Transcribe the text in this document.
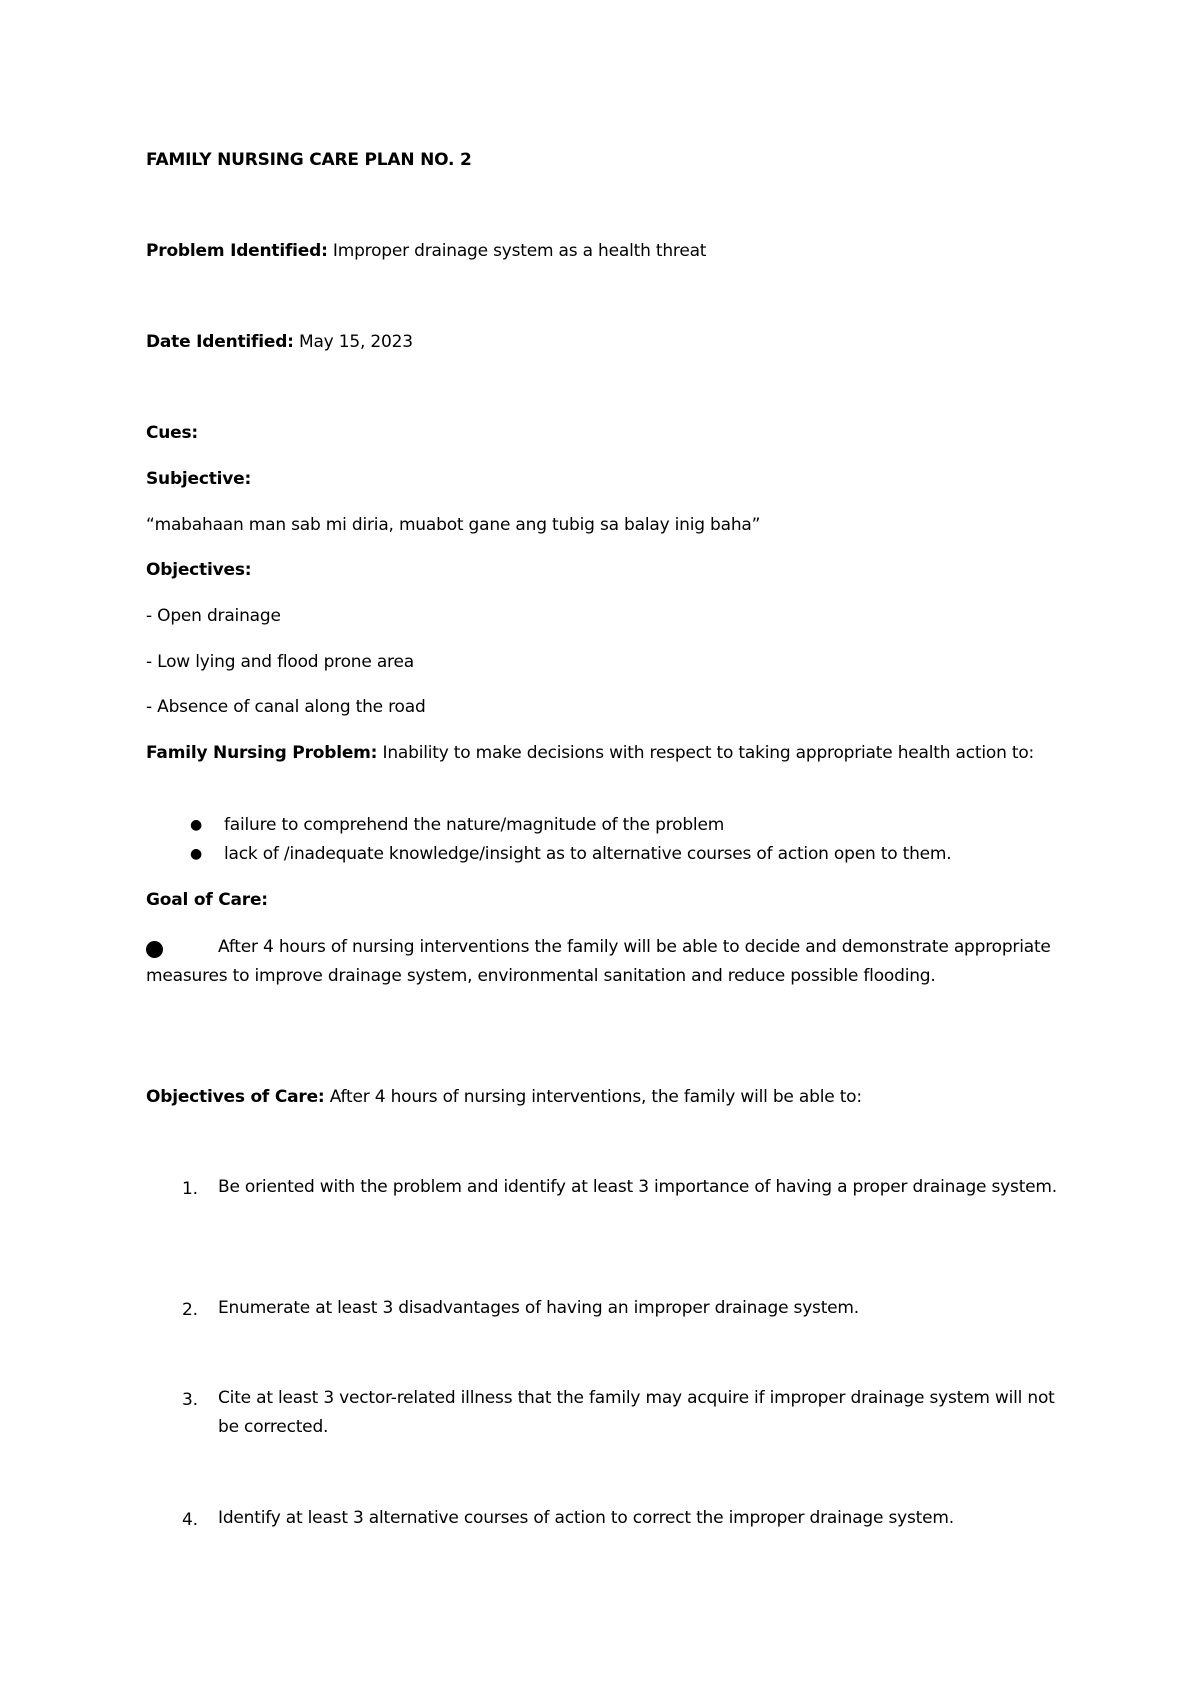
FAMILY NURSING CARE PLAN NO. 2
Problem Identified: Improper drainage system as a health threat
Date Identified: May 15, 2023
Cues:
Subjective:
“mabahaan man sab mi diria, muabot gane ang tubig sa balay inig baha”
Objectives:
- Open drainage
- Low lying and flood prone area
- Absence of canal along the road
Family Nursing Problem: Inability to make decisions with respect to taking appropriate health action to:
● failure to comprehend the nature/magnitude of the problem
● lack of /inadequate knowledge/insight as to alternative courses of action open to them.
Goal of Care:
After 4 hours of nursing interventions the family will be able to decide and demonstrate appropriate measures to improve drainage system, environmental sanitation and reduce possible flooding.
Objectives of Care: After 4 hours of nursing interventions, the family will be able to:
1. Be oriented with the problem and identify at least 3 importance of having a proper drainage system.
2. Enumerate at least 3 disadvantages of having an improper drainage system.
3. Cite at least 3 vector-related illness that the family may acquire if improper drainage system will not be corrected.
Identify at least 3 alternative courses of action to correct the improper drainage system.
4.
